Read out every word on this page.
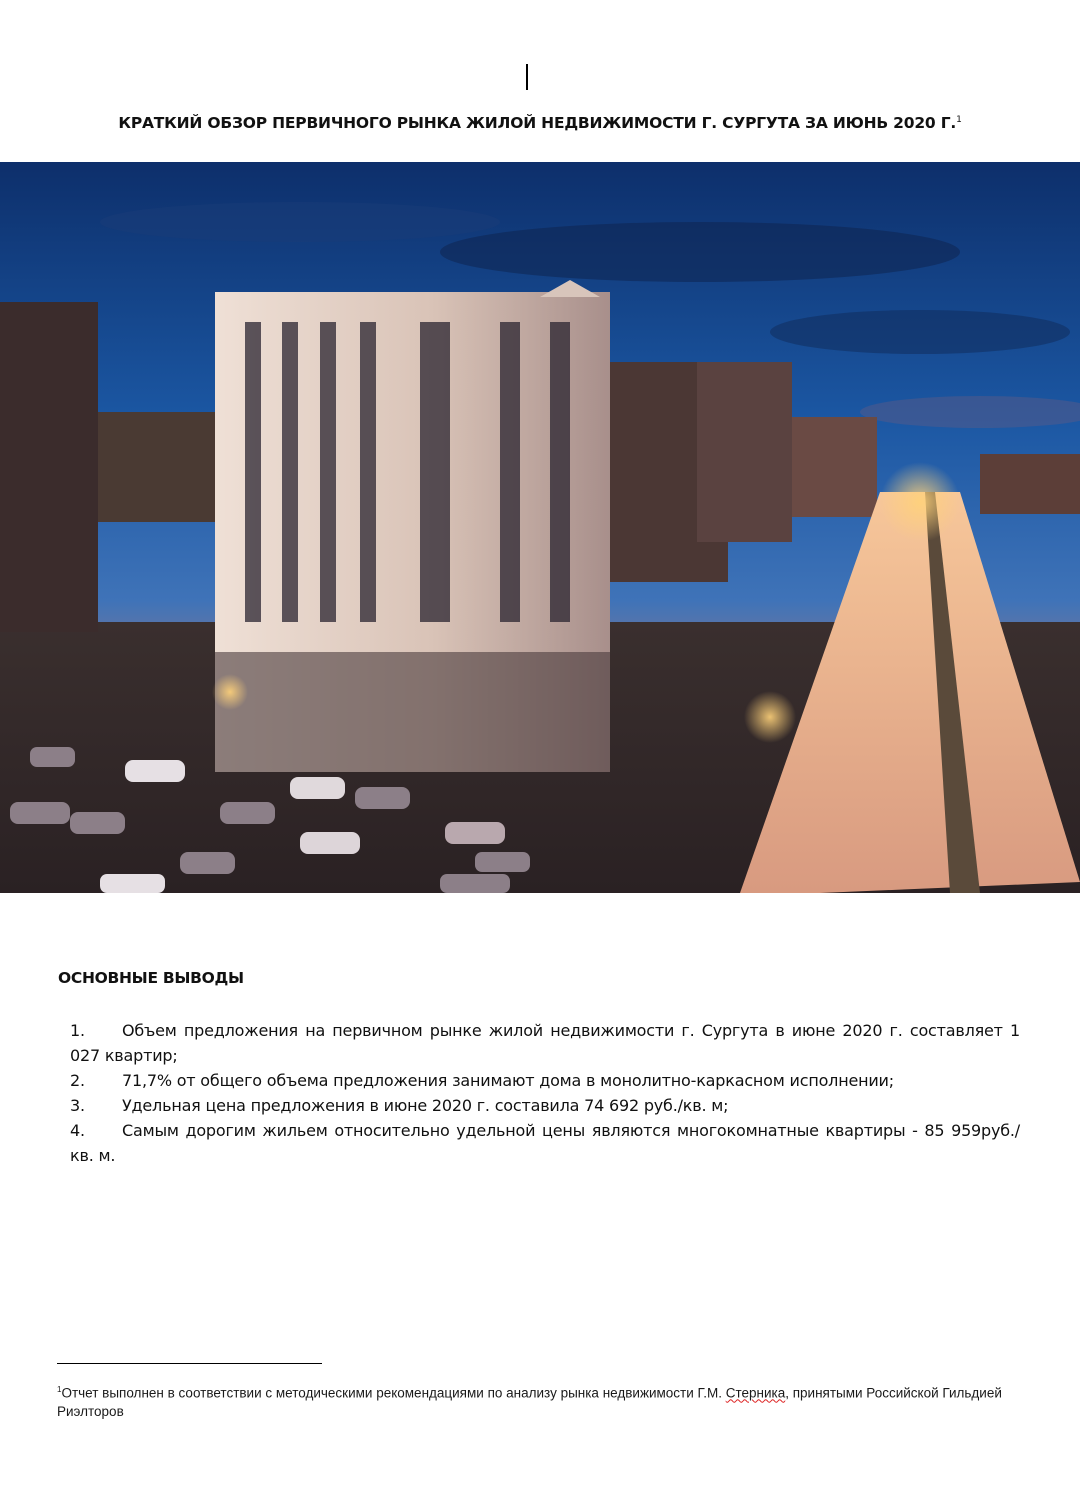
КРАТКИЙ ОБЗОР ПЕРВИЧНОГО РЫНКА ЖИЛОЙ НЕДВИЖИМОСТИ Г. СУРГУТА ЗА ИЮНЬ 2020 Г.$^1$
ОСНОВНЫЕ ВЫВОДЫ
1. Объем предложения на первичном рынке жилой недвижимости г. Сургута в июне 2020 г. составляет 1 027 квартир;
2. 71,7% от общего объема предложения занимают дома в монолитно-каркасном исполнении;
3. Удельная цена предложения в июне 2020 г. составила 74 692 руб./кв. м;
4. Самым дорогим жильем относительно удельной цены являются многокомнатные квартиры - 85 959руб./кв. м.
$^1$Отчет выполнен в соответствии с методическими рекомендациями по анализу рынка недвижимости Г.М. Стерника, принятыми Российской Гильдией Риэлторов
